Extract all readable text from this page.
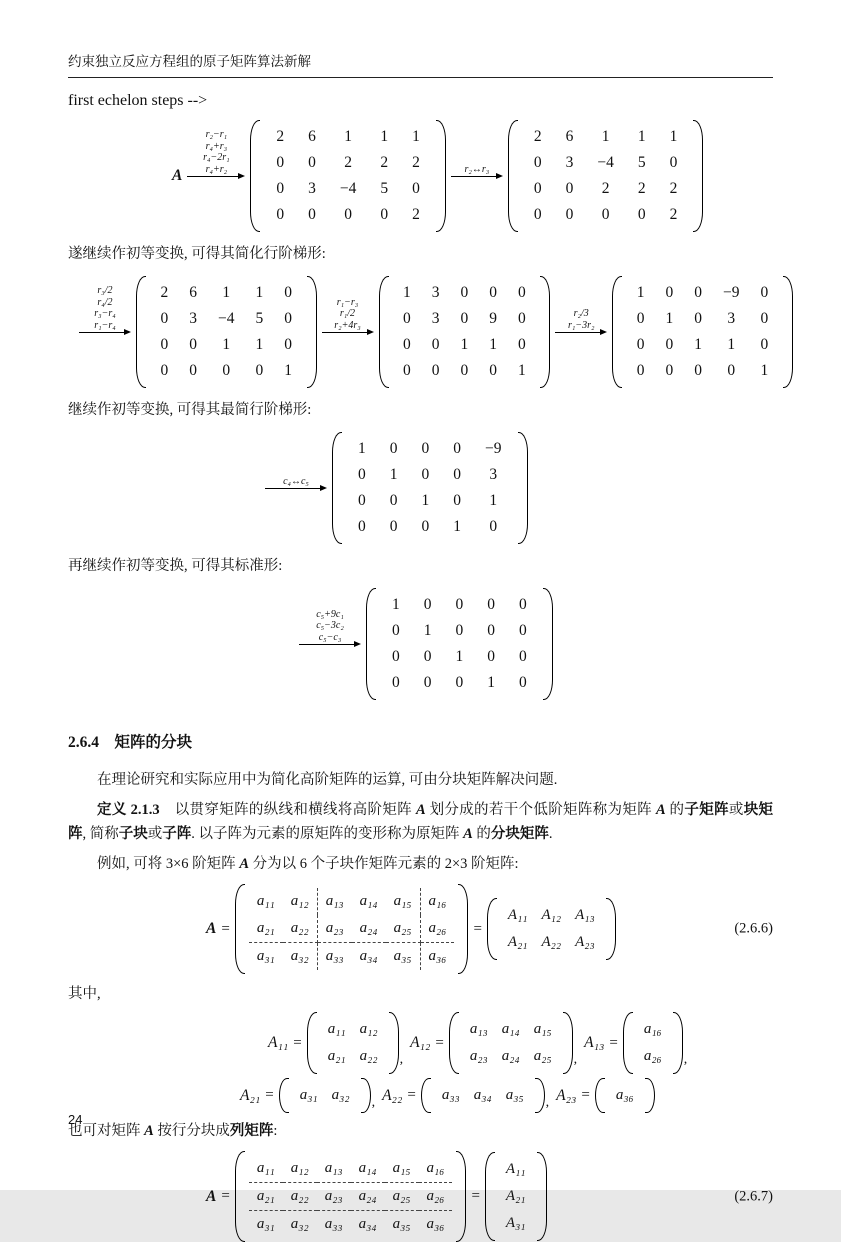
约束独立反应方程组的原子矩阵算法新解
first echelon steps -->
A
r₂−r₁
r₄+r₃
r₄−2r₁
r₄+r₂
2	6	1	1	1
0	0	2	2	2
0	3	−4	5	0
0	0	0	0	2
r₂↔r₃
2	6	1	1	1
0	3	−4	5	0
0	0	2	2	2
0	0	0	0	2

遂继续作初等变换, 可得其简化行阶梯形:

r₃/2
r₄/2
r₃−r₄
r₁−r₄
2	6	1	1	0
0	3	−4	5	0
0	0	1	1	0
0	0	0	0	1
r₁−r₃
r₁/2
r₂+4r₃
1	3	0	0	0
0	3	0	9	0
0	0	1	1	0
0	0	0	0	1
r₂/3
r₁−3r₂
1	0	0	−9	0
0	1	0	3	0
0	0	1	1	0
0	0	0	0	1

继续作初等变换, 可得其最简行阶梯形:

c₄↔c₅
1	0	0	0	−9
0	1	0	0	3
0	0	1	0	1
0	0	0	1	0

再继续作初等变换, 可得其标准形:

c₅+9c₁
c₅−3c₂
c₅−c₃
1	0	0	0	0
0	1	0	0	0
0	0	1	0	0
0	0	0	1	0
2.6.4　矩阵的分块

在理论研究和实际应用中为简化高阶矩阵的运算, 可由分块矩阵解决问题.

定义 2.1.3　以贯穿矩阵的纵线和横线将高阶矩阵 A 划分成的若干个低阶矩阵称为矩阵 A 的子矩阵或块矩阵, 简称子块或子阵. 以子阵为元素的原矩阵的变形称为原矩阵 A 的分块矩阵.

例如, 可将 3×6 阶矩阵 A 分为以 6 个子块作矩阵元素的 2×3 阶矩阵:

A =
a₁₁	a₁₂	a₁₃	a₁₄	a₁₅	a₁₆
a₂₁	a₂₂	a₂₃	a₂₄	a₂₅	a₂₆
a₃₁	a₃₂	a₃₃	a₃₄	a₃₅	a₃₆
=
A₁₁ A₁₂ A₁₃
A₂₁ A₂₂ A₂₃
(2.6.6)

其中,

A₁₁ =
a₁₁ a₁₂
a₂₁ a₂₂	,
A₁₂ =
a₁₃ a₁₄ a₁₅
a₂₃ a₂₄ a₂₅	,
A₁₃ =
a₁₆
a₂₆	,
A₂₁ =	a₃₁ a₃₂	, A₂₂ =	a₃₃ a₃₄ a₃₅	, A₂₃ =	a₃₆

也可对矩阵 A 按行分块成列矩阵:

A =
a₁₁	a₁₂	a₁₃	a₁₄	a₁₅	a₁₆
a₂₁	a₂₂	a₂₃	a₂₄	a₂₅	a₂₆
a₃₁	a₃₂	a₃₃	a₃₄	a₃₅	a₃₆
=
A₁₁
A₂₁
A₃₁
(2.6.7)
24
